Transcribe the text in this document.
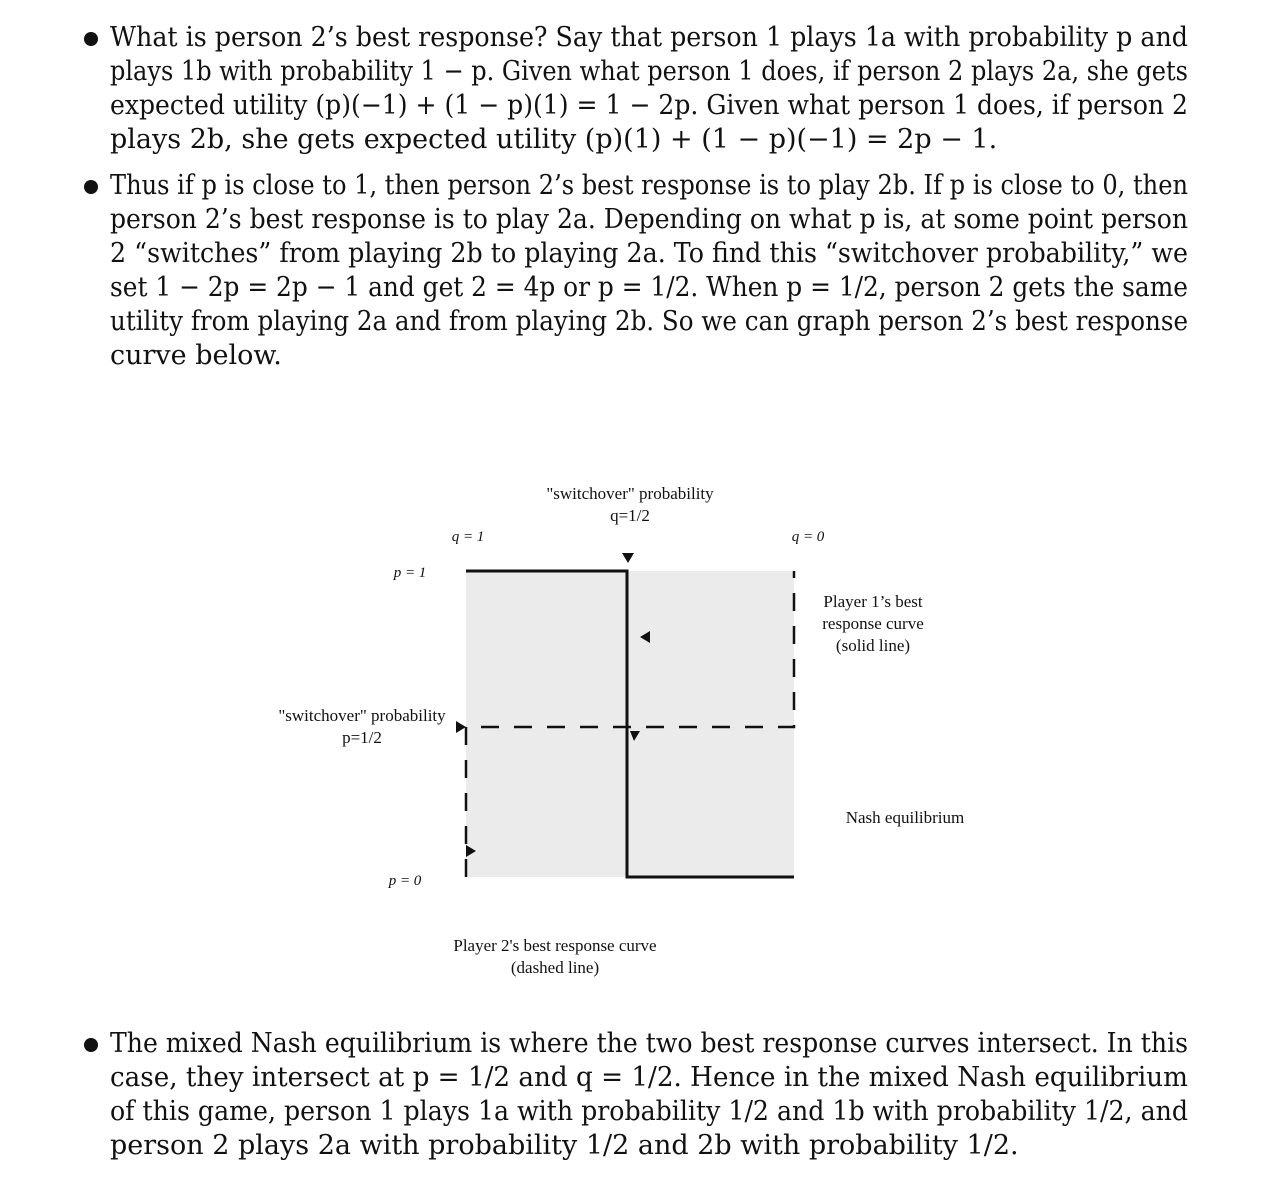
What is person 2’s best response? Say that person 1 plays 1a with probability p and
plays 1b with probability 1 − p. Given what person 1 does, if person 2 plays 2a, she gets
expected utility (p)(−1) + (1 − p)(1) = 1 − 2p. Given what person 1 does, if person 2
plays 2b, she gets expected utility (p)(1) + (1 − p)(−1) = 2p − 1.
Thus if p is close to 1, then person 2’s best response is to play 2b. If p is close to 0, then
person 2’s best response is to play 2a. Depending on what p is, at some point person
2 “switches” from playing 2b to playing 2a. To find this “switchover probability,” we
set 1 − 2p = 2p − 1 and get 2 = 4p or p = 1/2. When p = 1/2, person 2 gets the same
utility from playing 2a and from playing 2b. So we can graph person 2’s best response
curve below.
"switchover" probability
q=1/2
q = 1	q = 0
p = 1
p = 0
"switchover" probability
p=1/2
Player 1’s best
response curve
(solid line)
Nash equilibrium
Player 2's best response curve
(dashed line)
The mixed Nash equilibrium is where the two best response curves intersect. In this
case, they intersect at p = 1/2 and q = 1/2. Hence in the mixed Nash equilibrium
of this game, person 1 plays 1a with probability 1/2 and 1b with probability 1/2, and
person 2 plays 2a with probability 1/2 and 2b with probability 1/2.
